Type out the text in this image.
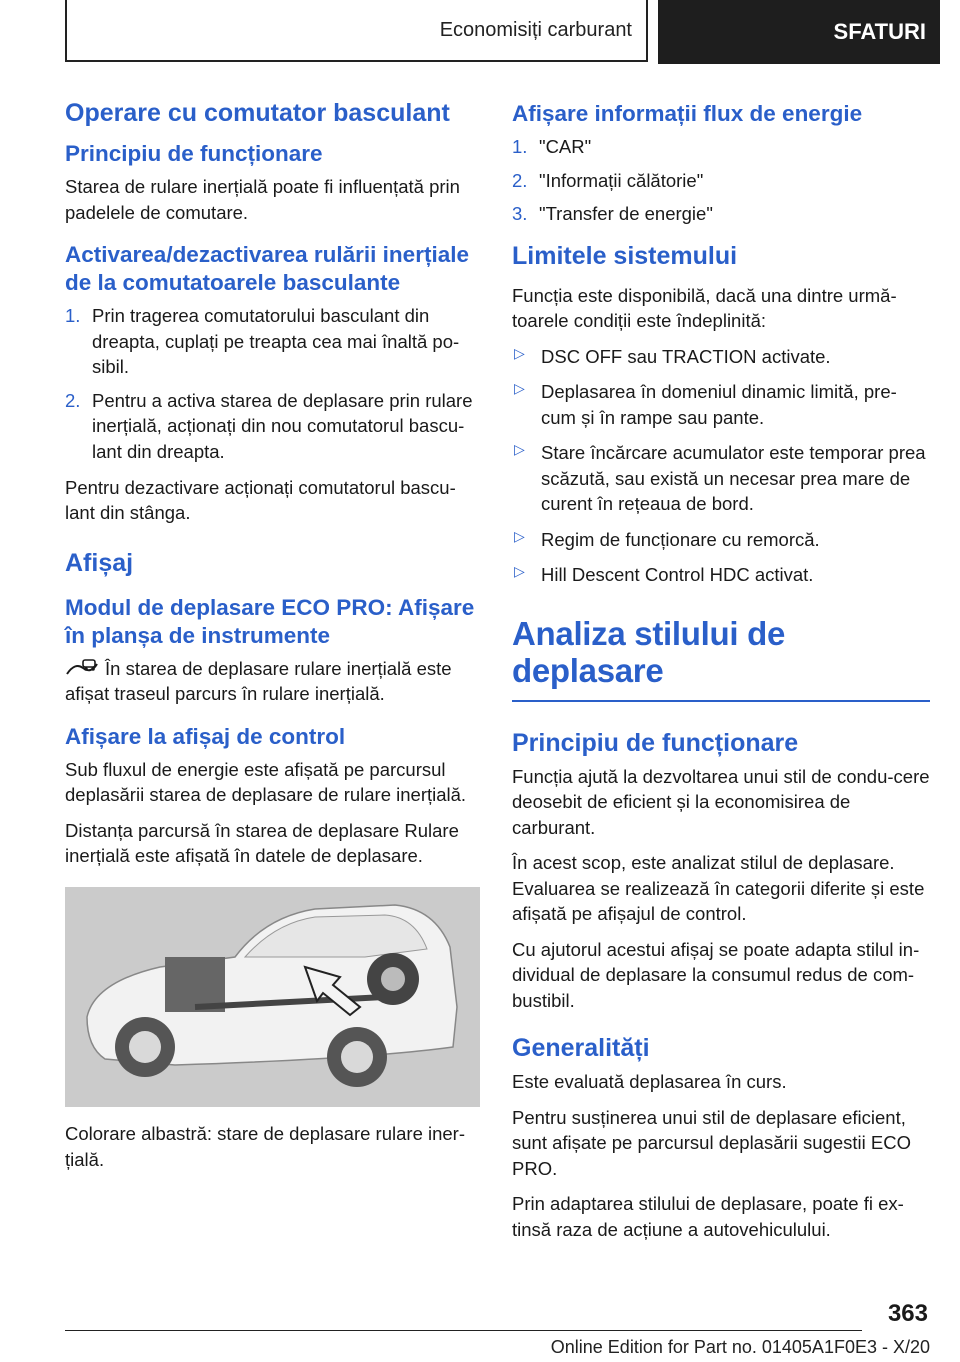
Economisiți carburant	SFATURI
Operare cu comutator basculant
Principiu de funcționare

Starea de rulare inerțială poate fi influențată prin padelele de comutare.

Activarea/dezactivarea rulării inerțiale de la comutatoarele basculante
1. Prin tragerea comutatorului basculant din dreapta, cuplați pe treapta cea mai înaltă po‐sibil.
2. Pentru a activa starea de deplasare prin rulare inerțială, acționați din nou comutatorul bascu‐lant din dreapta.

Pentru dezactivare acționați comutatorul bascu‐lant din stânga.

Afișaj
Modul de deplasare ECO PRO: Afișare în planșa de instrumente

În starea de deplasare rulare inerțială este afișat traseul parcurs în rulare inerțială.

Afișare la afișaj de control

Sub fluxul de energie este afișată pe parcursul deplasării starea de deplasare de rulare inerțială.

Distanța parcursă în starea de deplasare Rulare inerțială este afișată în datele de deplasare.

Colorare albastră: stare de deplasare rulare iner‐țială.

Afișare informații flux de energie
1. "CAR"
2. "Informații călătorie"
3. "Transfer de energie"
Limitele sistemului

Funcția este disponibilă, dacă una dintre urmă‐toarele condiții este îndeplinită:

▷ DSC OFF sau TRACTION activate.
▷ Deplasarea în domeniul dinamic limită, pre‐cum și în rampe sau pante.
▷ Stare încărcare acumulator este temporar prea scăzută, sau există un necesar prea mare de curent în rețeaua de bord.
▷ Regim de funcționare cu remorcă.
▷ Hill Descent Control HDC activat.
Analiza stilului de deplasare
Principiu de funcționare

Funcția ajută la dezvoltarea unui stil de condu‐cere deosebit de eficient și la economisirea de carburant.

În acest scop, este analizat stilul de deplasare. Evaluarea se realizează în categorii diferite și este afișată pe afișajul de control.

Cu ajutorul acestui afișaj se poate adapta stilul in‐dividual de deplasare la consumul redus de com‐bustibil.

Generalități

Este evaluată deplasarea în curs.

Pentru susținerea unui stil de deplasare eficient, sunt afișate pe parcursul deplasării sugestii ECO PRO.

Prin adaptarea stilului de deplasare, poate fi ex‐tinsă raza de acțiune a autovehiculului.

363
Online Edition for Part no. 01405A1F0E3 - X/20
